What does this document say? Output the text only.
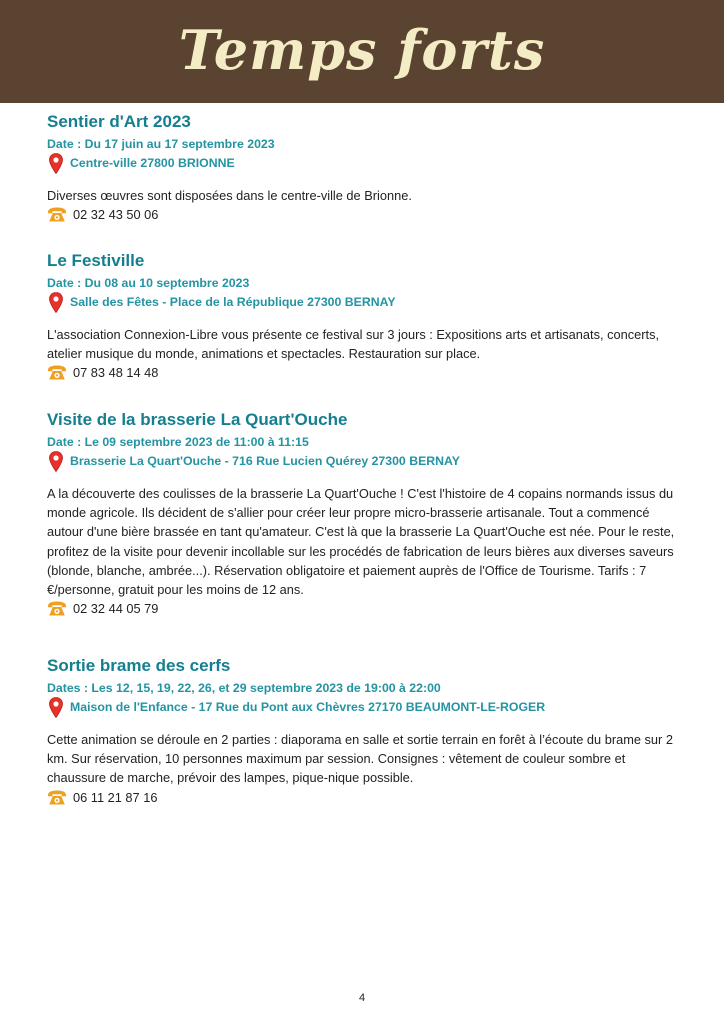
Temps forts
Sentier d'Art 2023
Date : Du 17 juin au 17 septembre 2023
Centre-ville 27800 BRIONNE
Diverses œuvres sont disposées dans le centre-ville de Brionne.
02 32 43 50 06
Le Festiville
Date : Du 08 au 10 septembre 2023
Salle des Fêtes - Place de la République 27300 BERNAY
L'association Connexion-Libre vous présente ce festival sur 3 jours : Expositions arts et artisanats, concerts, atelier musique du monde, animations et spectacles. Restauration sur place.
07 83 48 14 48
Visite de la brasserie La Quart'Ouche
Date : Le 09 septembre 2023 de 11:00 à 11:15
Brasserie La Quart'Ouche - 716 Rue Lucien Quérey 27300 BERNAY
A la découverte des coulisses de la brasserie La Quart'Ouche ! C'est l'histoire de 4 copains normands issus du monde agricole. Ils décident de s'allier pour créer leur propre micro-brasserie artisanale. Tout a commencé autour d'une bière brassée en tant qu'amateur. C'est là que la brasserie La Quart'Ouche est née. Pour le reste, profitez de la visite pour devenir incollable sur les procédés de fabrication de leurs bières aux diverses saveurs (blonde, blanche, ambrée...). Réservation obligatoire et paiement auprès de l'Office de Tourisme. Tarifs : 7 €/personne, gratuit pour les moins de 12 ans.
02 32 44 05 79
Sortie brame des cerfs
Dates : Les 12, 15, 19, 22, 26, et 29 septembre 2023 de 19:00 à 22:00
Maison de l'Enfance - 17 Rue du Pont aux Chèvres 27170 BEAUMONT-LE-ROGER
Cette animation se déroule en 2 parties : diaporama en salle et sortie terrain en forêt à l’écoute du brame sur 2 km. Sur réservation, 10 personnes maximum par session. Consignes : vêtement de couleur sombre et chaussure de marche, prévoir des lampes, pique-nique possible.
06 11 21 87 16
4
